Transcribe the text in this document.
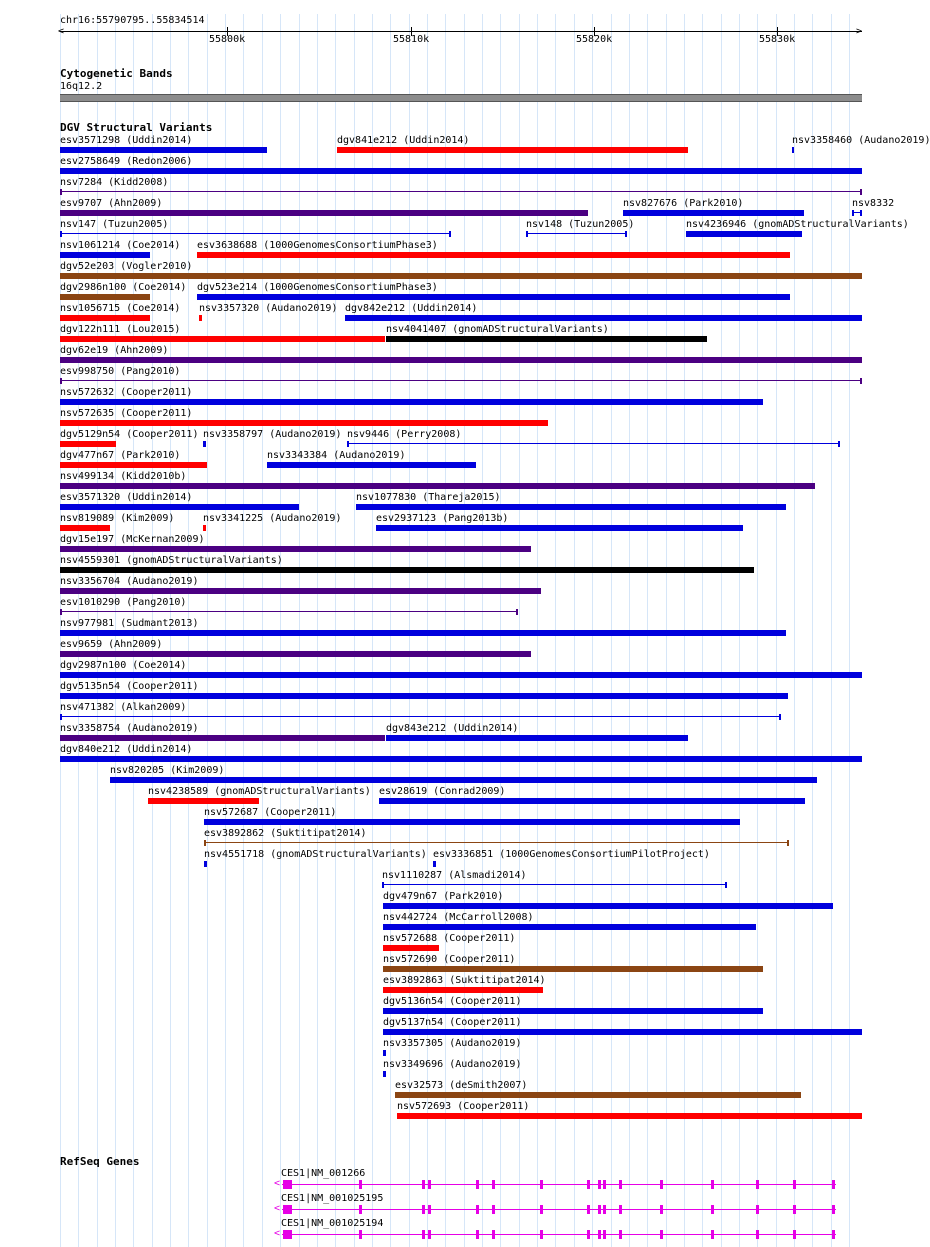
chr16:55790795..55834514
<	>
55800k	55810k	55820k	55830k
Cytogenetic Bands
16q12.2
DGV Structural Variants
esv3571298 (Uddin2014)	dgv841e212 (Uddin2014)	nsv3358460 (Audano2019)
esv2758649 (Redon2006)
nsv7284 (Kidd2008)
esv9707 (Ahn2009)	nsv827676 (Park2010)	nsv8332
nsv147 (Tuzun2005)	nsv148 (Tuzun2005)	nsv4236946 (gnomADStructuralVariants)
nsv1061214 (Coe2014) esv3638688 (1000GenomesConsortiumPhase3)
dgv52e203 (Vogler2010)
dgv2986n100 (Coe2014) dgv523e214 (1000GenomesConsortiumPhase3)
nsv1056715 (Coe2014) nsv3357320 (Audano2019) dgv842e212 (Uddin2014)
dgv122n111 (Lou2015)	nsv4041407 (gnomADStructuralVariants)
dgv62e19 (Ahn2009)
esv998750 (Pang2010)
nsv572632 (Cooper2011)
nsv572635 (Cooper2011)
dgv5129n54 (Cooper2011) nsv3358797 (Audano2019) nsv9446 (Perry2008)
dgv477n67 (Park2010)	nsv3343384 (Audano2019)
nsv499134 (Kidd2010b)
esv3571320 (Uddin2014)	nsv1077830 (Thareja2015)
nsv819089 (Kim2009)	nsv3341225 (Audano2019)	esv2937123 (Pang2013b)
dgv15e197 (McKernan2009)
nsv4559301 (gnomADStructuralVariants)
nsv3356704 (Audano2019)
esv1010290 (Pang2010)
nsv977981 (Sudmant2013)
esv9659 (Ahn2009)
dgv2987n100 (Coe2014)
dgv5135n54 (Cooper2011)
nsv471382 (Alkan2009)
nsv3358754 (Audano2019)	dgv843e212 (Uddin2014)
dgv840e212 (Uddin2014)
nsv820205 (Kim2009)
nsv4238589 (gnomADStructuralVariants) esv28619 (Conrad2009)
nsv572687 (Cooper2011)
esv3892862 (Suktitipat2014)
nsv4551718 (gnomADStructuralVariants) esv3336851 (1000GenomesConsortiumPilotProject)
nsv1110287 (Alsmadi2014)
dgv479n67 (Park2010)
nsv442724 (McCarroll2008)
nsv572688 (Cooper2011)
nsv572690 (Cooper2011)
esv3892863 (Suktitipat2014)
dgv5136n54 (Cooper2011)
dgv5137n54 (Cooper2011)
nsv3357305 (Audano2019)
nsv3349696 (Audano2019)
esv32573 (deSmith2007)
nsv572693 (Cooper2011)
RefSeq Genes
CES1|NM_001266
<
CES1|NM_001025195
<
CES1|NM_001025194
<
